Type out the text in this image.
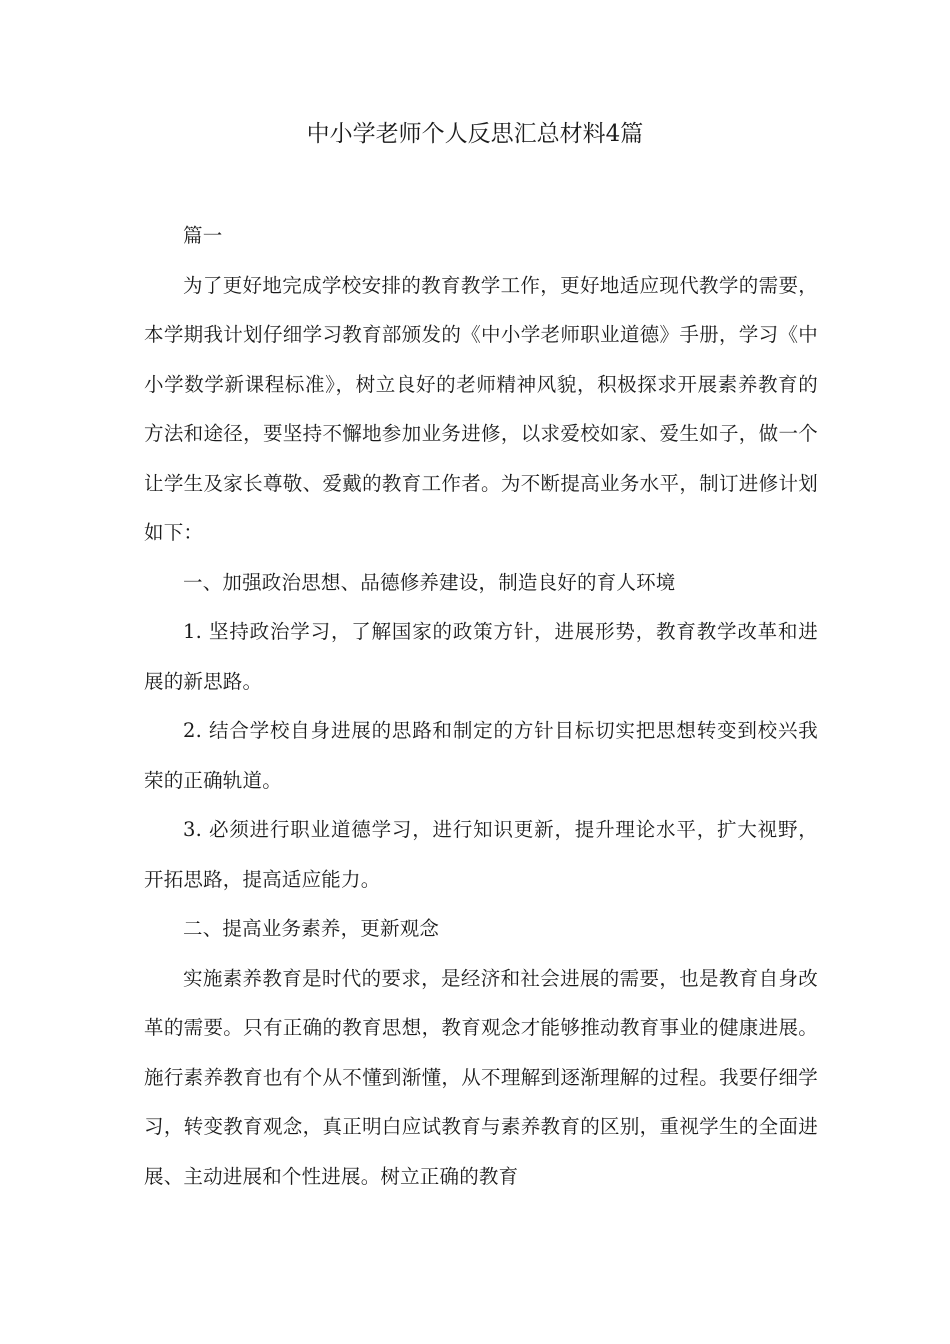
中小学老师个人反思汇总材料4篇

篇一

为了更好地完成学校安排的教育教学工作，更好地适应现代教学的需要，本学期我计划仔细学习教育部颁发的《中小学老师职业道德》手册，学习《中小学数学新课程标准》，树立良好的老师精神风貌，积极探求开展素养教育的方法和途径，要坚持不懈地参加业务进修，以求爱校如家、爱生如子，做一个让学生及家长尊敬、爱戴的教育工作者。为不断提高业务水平，制订进修计划如下：

一、加强政治思想、品德修养建设，制造良好的育人环境

1. 坚持政治学习，了解国家的政策方针，进展形势，教育教学改革和进展的新思路。

2. 结合学校自身进展的思路和制定的方针目标切实把思想转变到校兴我荣的正确轨道。

3. 必须进行职业道德学习，进行知识更新，提升理论水平，扩大视野，开拓思路，提高适应能力。

二、提高业务素养，更新观念

实施素养教育是时代的要求，是经济和社会进展的需要，也是教育自身改革的需要。只有正确的教育思想，教育观念才能够推动教育事业的健康进展。施行素养教育也有个从不懂到渐懂，从不理解到逐渐理解的过程。我要仔细学习，转变教育观念，真正明白应试教育与素养教育的区别，重视学生的全面进展、主动进展和个性进展。树立正确的教育
